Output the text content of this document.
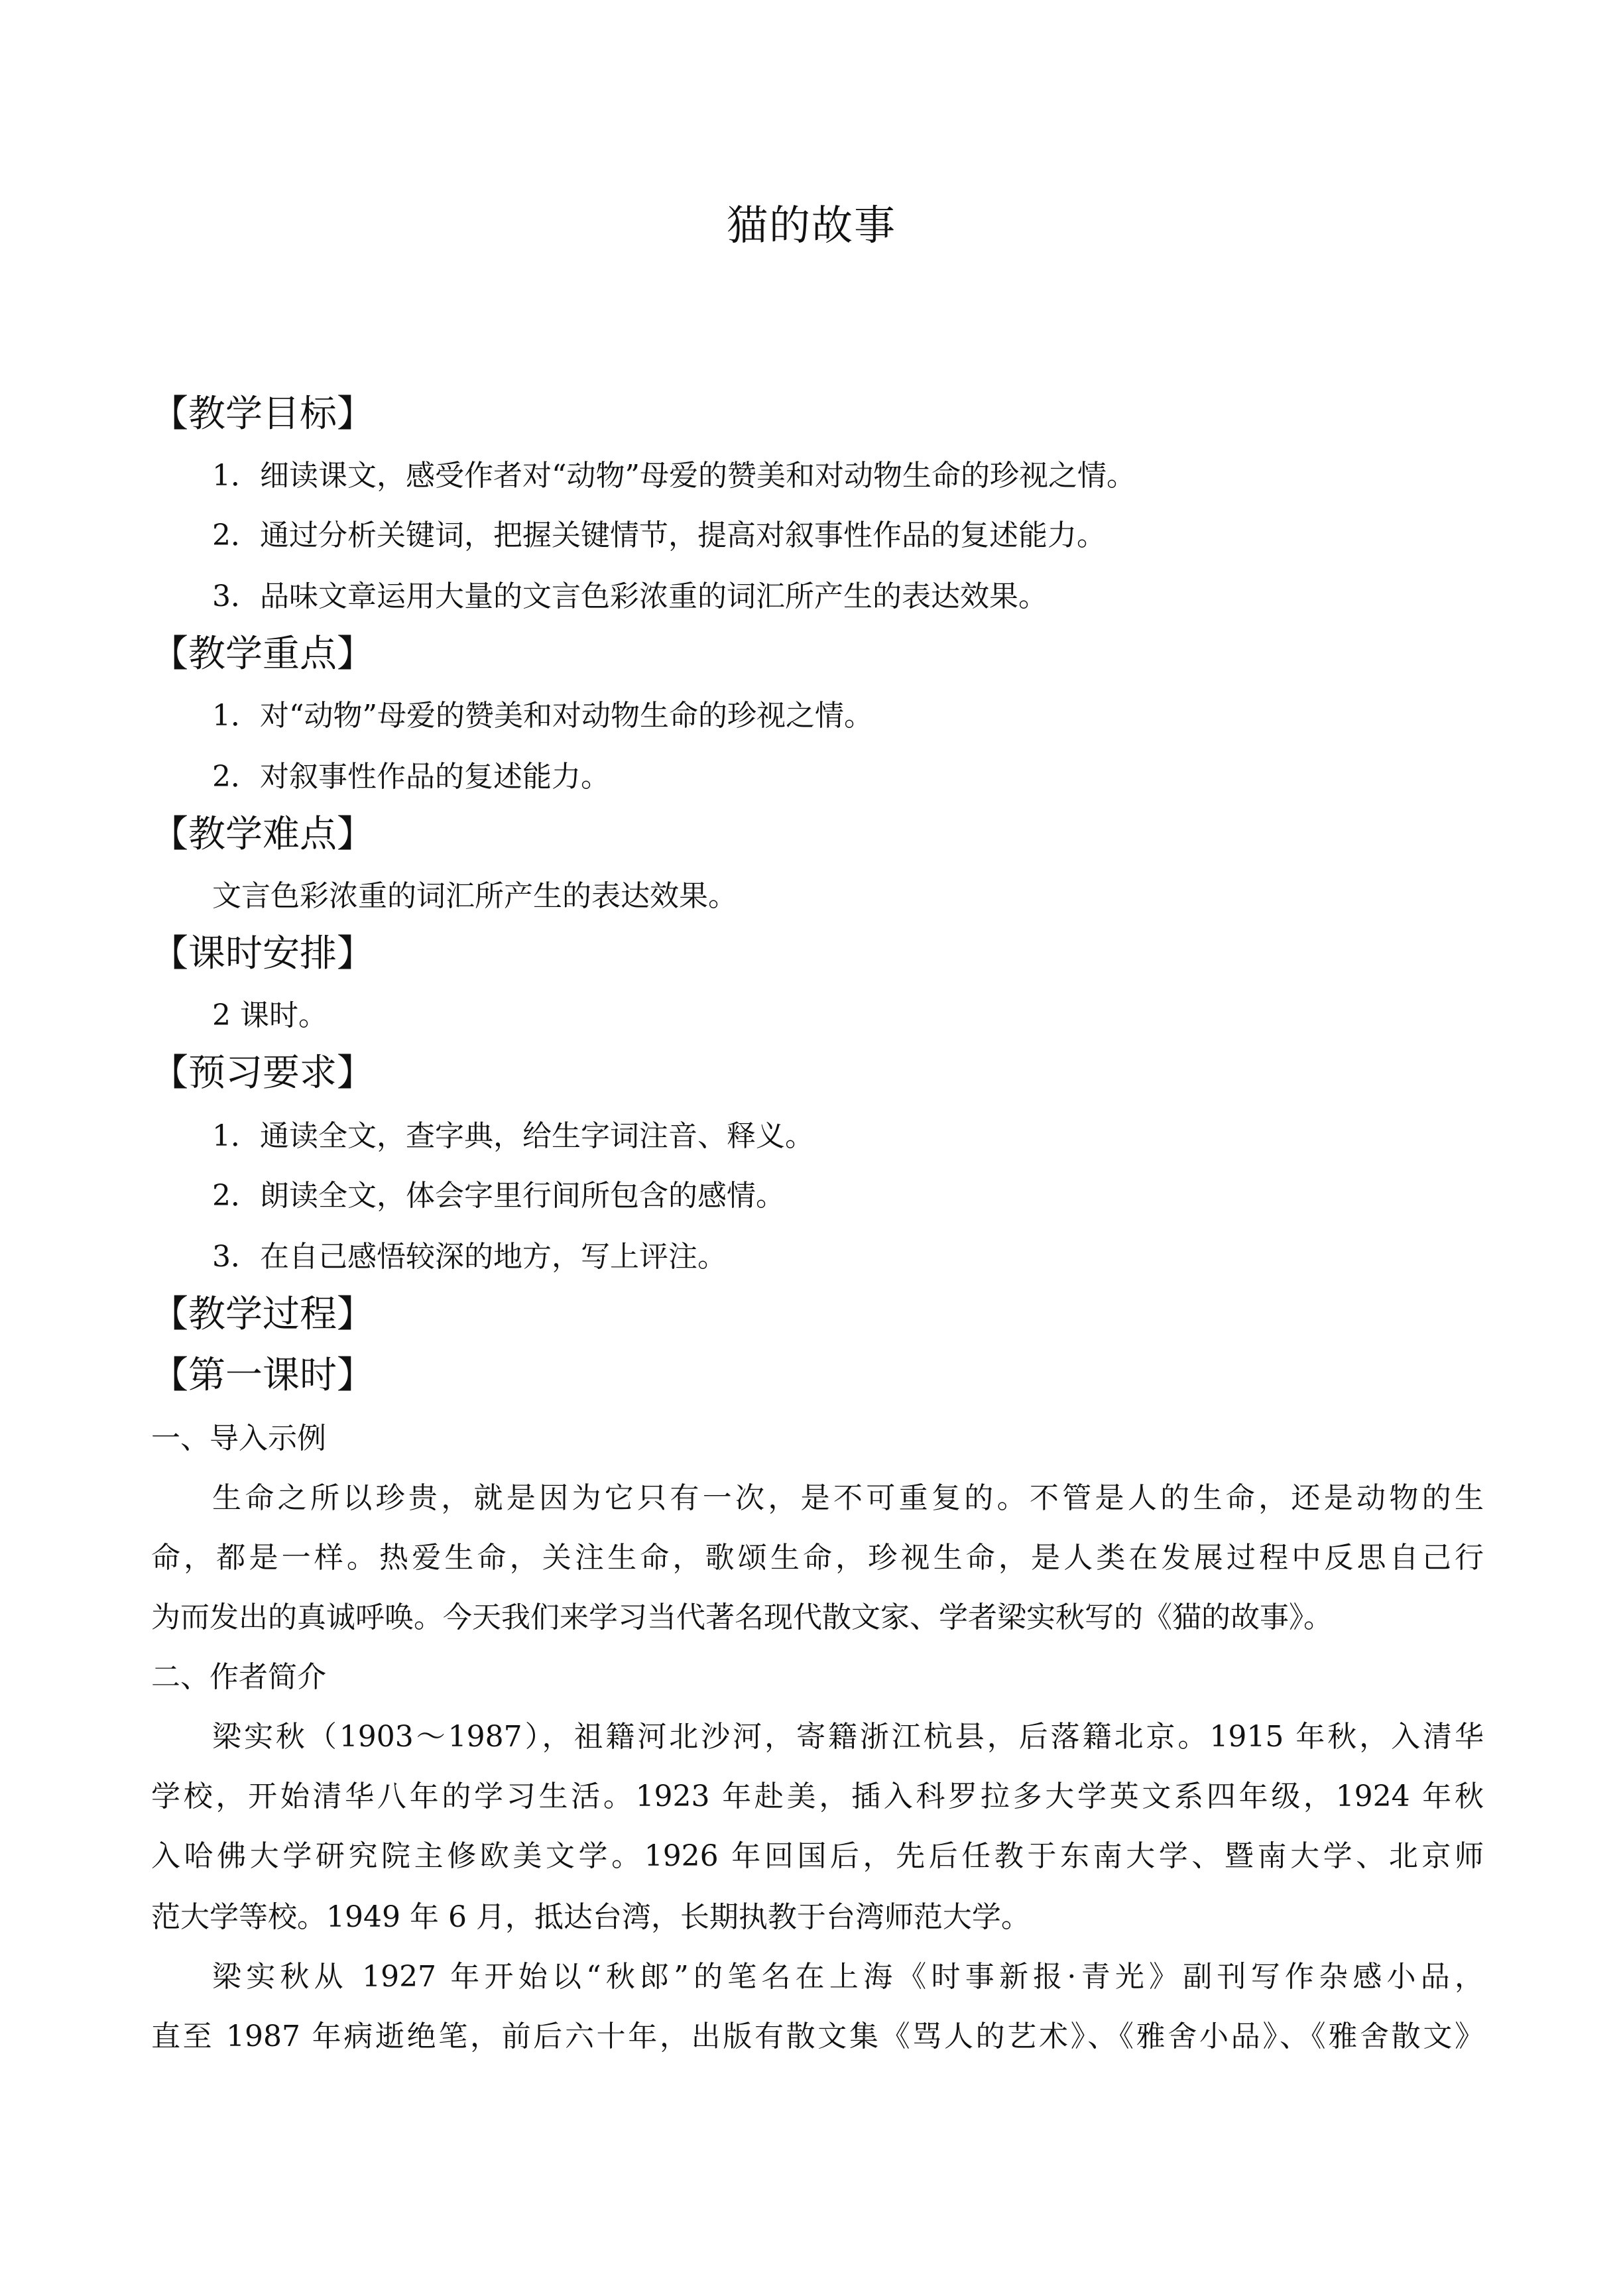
猫的故事
【教学目标】
1．细读课文，感受作者对“动物”母爱的赞美和对动物生命的珍视之情。
2．通过分析关键词，把握关键情节，提高对叙事性作品的复述能力。
3．品味文章运用大量的文言色彩浓重的词汇所产生的表达效果。
【教学重点】
1．对“动物”母爱的赞美和对动物生命的珍视之情。
2．对叙事性作品的复述能力。
【教学难点】
文言色彩浓重的词汇所产生的表达效果。
【课时安排】
2 课时。
【预习要求】
1．通读全文，查字典，给生字词注音、释义。
2．朗读全文，体会字里行间所包含的感情。
3．在自己感悟较深的地方，写上评注。
【教学过程】
【第一课时】
一、导入示例
生命之所以珍贵，就是因为它只有一次，是不可重复的。不管是人的生命，还是动物的生
命，都是一样。热爱生命，关注生命，歌颂生命，珍视生命，是人类在发展过程中反思自己行
为而发出的真诚呼唤。今天我们来学习当代著名现代散文家、学者梁实秋写的《猫的故事》。
二、作者简介
梁实秋（1903～1987），祖籍河北沙河，寄籍浙江杭县，后落籍北京。1915 年秋，入清华
学校，开始清华八年的学习生活。1923 年赴美，插入科罗拉多大学英文系四年级，1924 年秋
入哈佛大学研究院主修欧美文学。1926 年回国后，先后任教于东南大学、暨南大学、北京师
范大学等校。1949 年 6 月，抵达台湾，长期执教于台湾师范大学。
梁实秋从 1927 年开始以“秋郎”的笔名在上海《时事新报·青光》副刊写作杂感小品，
直至 1987 年病逝绝笔，前后六十年，出版有散文集《骂人的艺术》、《雅舍小品》、《雅舍散文》
